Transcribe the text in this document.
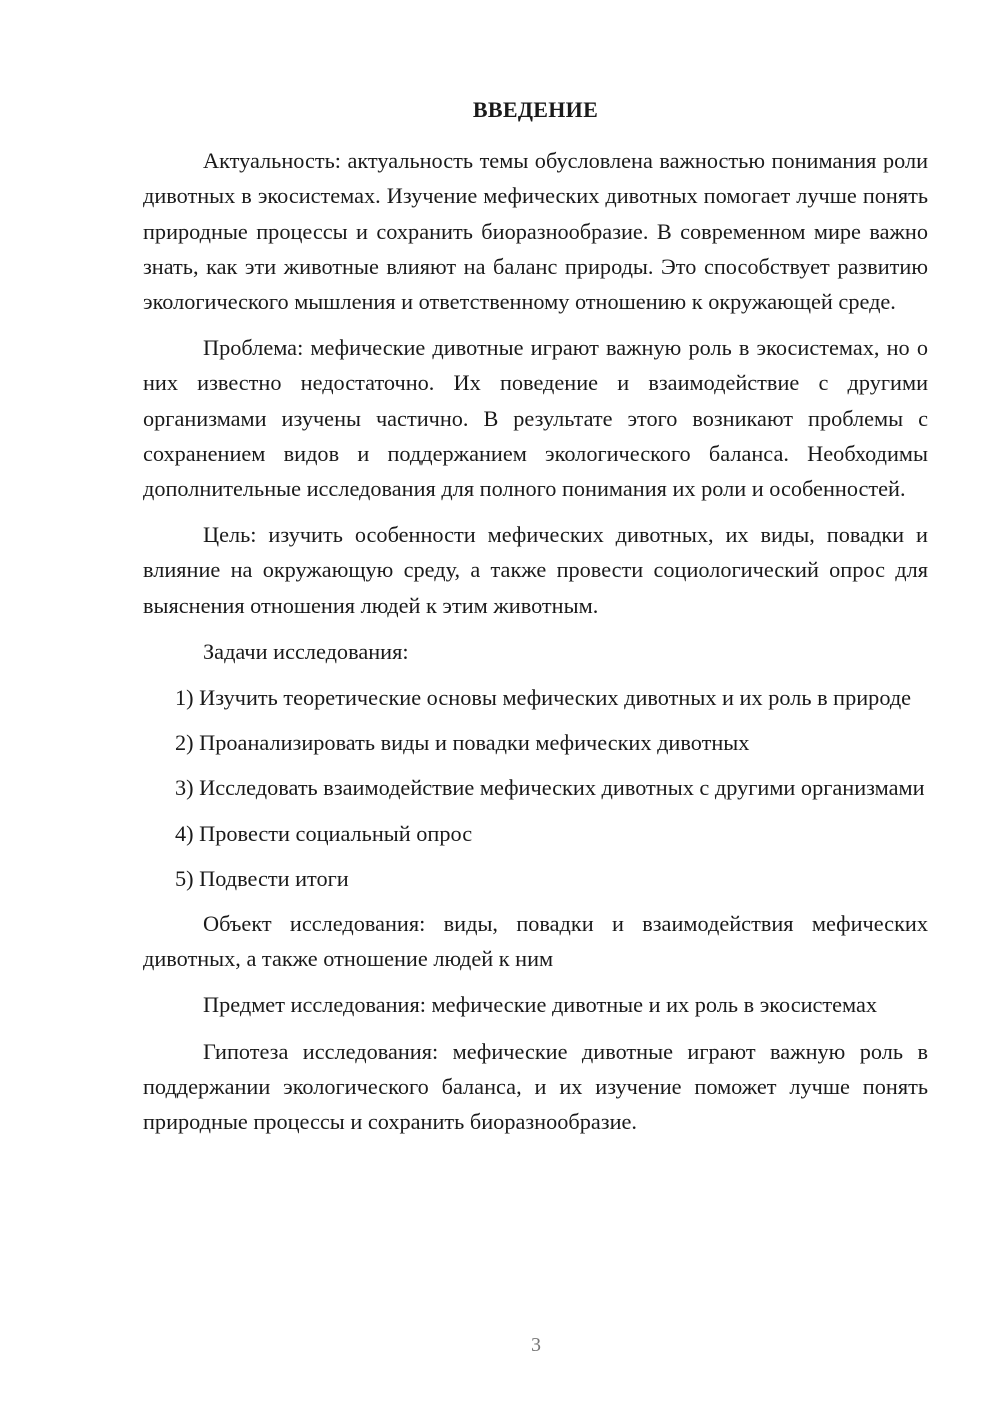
ВВЕДЕНИЕ

Актуальность: актуальность темы обусловлена важностью понимания роли дивотных в экосистемах. Изучение мефических дивотных помогает лучше понять природные процессы и сохранить биоразнообразие. В современном мире важно знать, как эти животные влияют на баланс природы. Это способствует развитию экологического мышления и ответственному отношению к окружающей среде.

Проблема: мефические дивотные играют важную роль в экосистемах, но о них известно недостаточно. Их поведение и взаимодействие с другими организмами изучены частично. В результате этого возникают проблемы с сохранением видов и поддержанием экологического баланса. Необходимы дополнительные исследования для полного понимания их роли и особенностей.

Цель: изучить особенности мефических дивотных, их виды, повадки и влияние на окружающую среду, а также провести социологический опрос для выяснения отношения людей к этим животным.

Задачи исследования:

1) Изучить теоретические основы мефических дивотных и их роль в природе

2) Проанализировать виды и повадки мефических дивотных

3) Исследовать взаимодействие мефических дивотных с другими организмами

4) Провести социальный опрос

5) Подвести итоги

Объект исследования: виды, повадки и взаимодействия мефических дивотных, а также отношение людей к ним

Предмет исследования: мефические дивотные и их роль в экосистемах

Гипотеза исследования: мефические дивотные играют важную роль в поддержании экологического баланса, и их изучение поможет лучше понять природные процессы и сохранить биоразнообразие.

3
